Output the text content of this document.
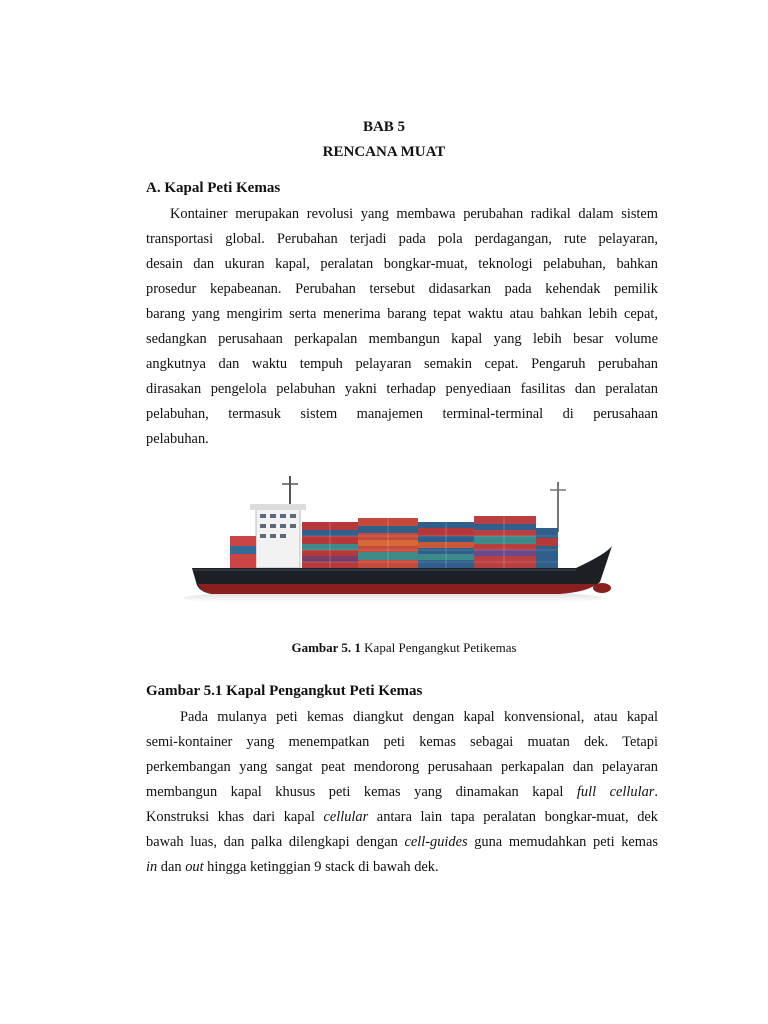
BAB 5
RENCANA MUAT
A. Kapal Peti Kemas
Kontainer merupakan revolusi yang membawa perubahan radikal dalam sistem
transportasi global. Perubahan terjadi pada pola perdagangan, rute pelayaran,
desain dan ukuran kapal, peralatan bongkar-muat, teknologi pelabuhan, bahkan
prosedur kepabeanan. Perubahan tersebut didasarkan pada kehendak pemilik
barang yang mengirim serta menerima barang tepat waktu atau bahkan lebih cepat,
sedangkan perusahaan perkapalan membangun kapal yang lebih besar volume
angkutnya dan waktu tempuh pelayaran semakin cepat. Pengaruh perubahan
dirasakan pengelola pelabuhan yakni terhadap penyediaan fasilitas dan peralatan
pelabuhan, termasuk sistem manajemen terminal-terminal di perusahaan
pelabuhan.
Gambar 5. 1 Kapal Pengangkut Petikemas
Gambar 5.1 Kapal Pengangkut Peti Kemas
Pada mulanya peti kemas diangkut dengan kapal konvensional, atau kapal
semi-kontainer yang menempatkan peti kemas sebagai muatan dek. Tetapi
perkembangan yang sangat peat mendorong perusahaan perkapalan dan pelayaran
membangun kapal khusus peti kemas yang dinamakan kapal full cellular.
Konstruksi khas dari kapal cellular antara lain tapa peralatan bongkar-muat, dek
bawah luas, dan palka dilengkapi dengan cell-guides guna memudahkan peti kemas
in dan out hingga ketinggian 9 stack di bawah dek.
